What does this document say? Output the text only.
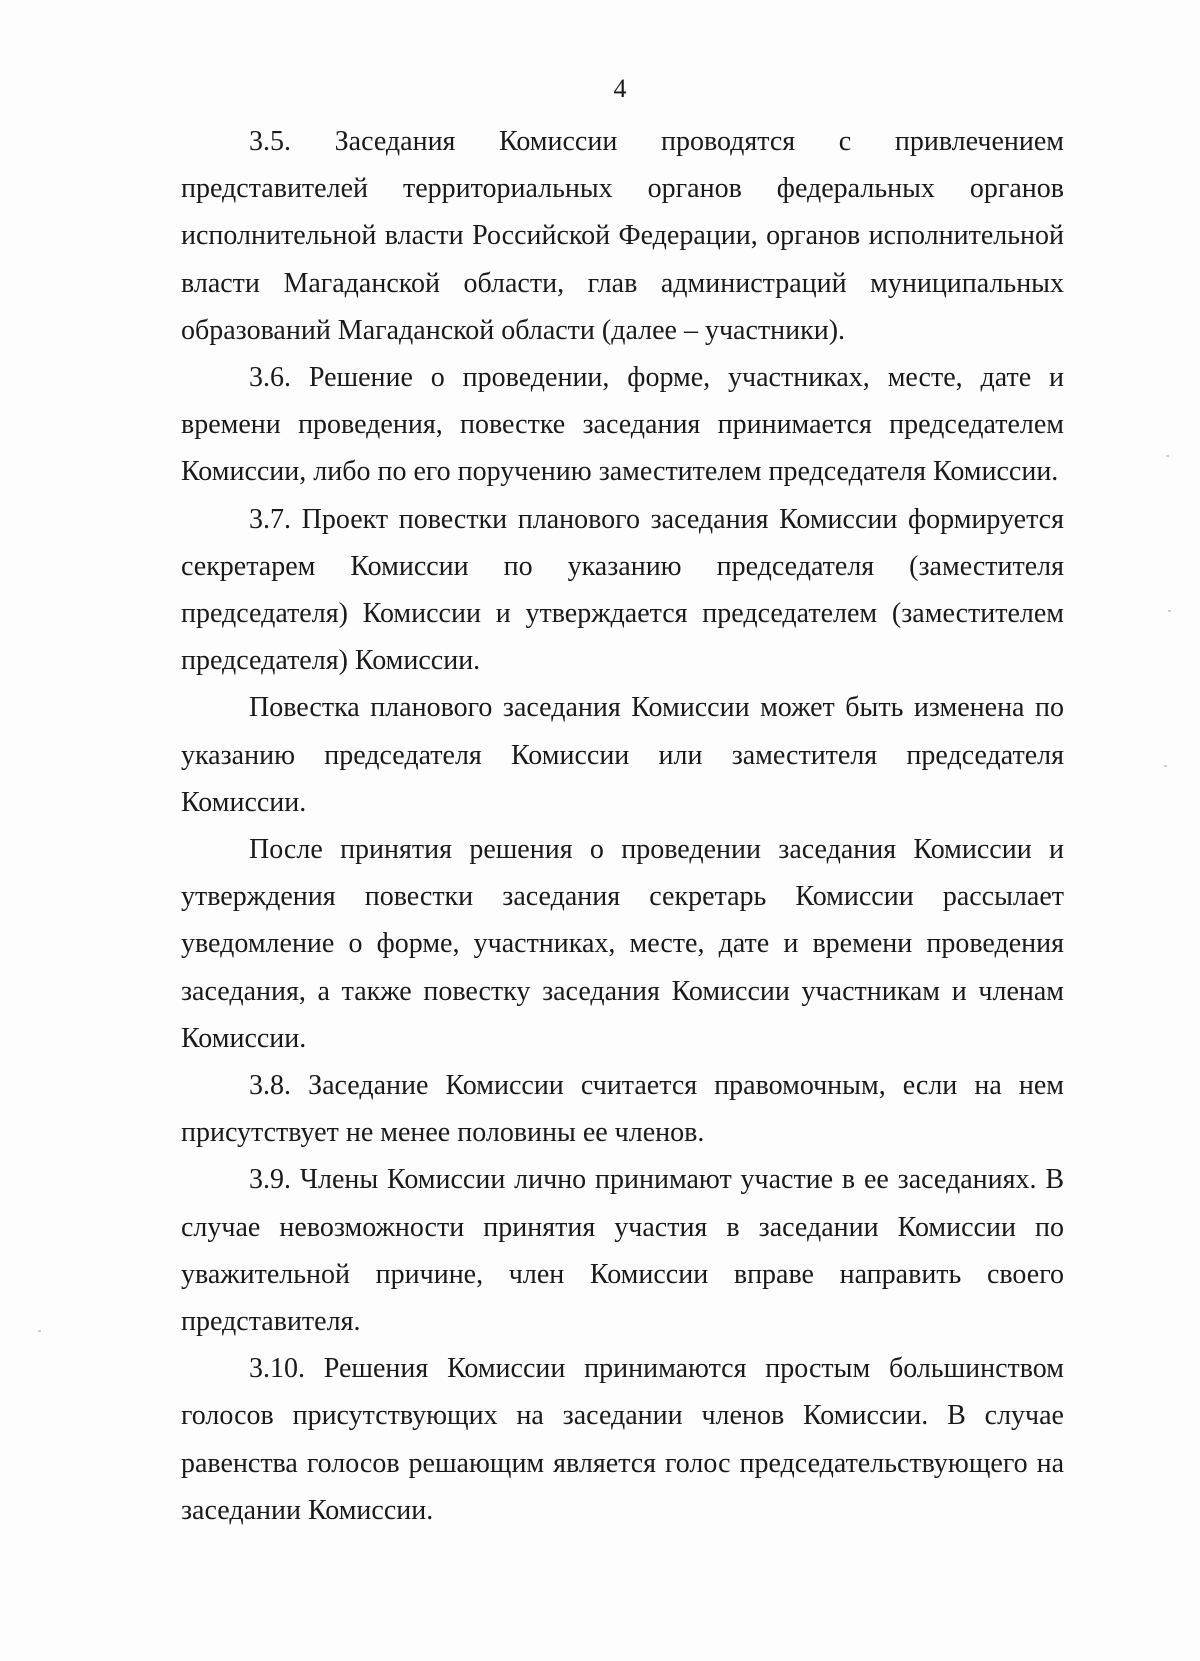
4

3.5. Заседания Комиссии проводятся с привлечением представителей территориальных органов федеральных органов исполнительной власти Российской Федерации, органов исполнительной власти Магаданской области, глав администраций муниципальных образований Магаданской области (далее – участники).

3.6. Решение о проведении, форме, участниках, месте, дате и времени проведения, повестке заседания принимается председателем Комиссии, либо по его поручению заместителем председателя Комиссии.

3.7. Проект повестки планового заседания Комиссии формируется секретарем Комиссии по указанию председателя (заместителя председателя) Комиссии и утверждается председателем (заместителем председателя) Комиссии.

Повестка планового заседания Комиссии может быть изменена по указанию председателя Комиссии или заместителя председателя Комиссии.

После принятия решения о проведении заседания Комиссии и утверждения повестки заседания секретарь Комиссии рассылает уведомление о форме, участниках, месте, дате и времени проведения заседания, а также повестку заседания Комиссии участникам и членам Комиссии.

3.8. Заседание Комиссии считается правомочным, если на нем присутствует не менее половины ее членов.

3.9. Члены Комиссии лично принимают участие в ее заседаниях. В случае невозможности принятия участия в заседании Комиссии по уважительной причине, член Комиссии вправе направить своего представителя.

3.10. Решения Комиссии принимаются простым большинством голосов присутствующих на заседании членов Комиссии. В случае равенства голосов решающим является голос председательствующего на заседании Комиссии.
